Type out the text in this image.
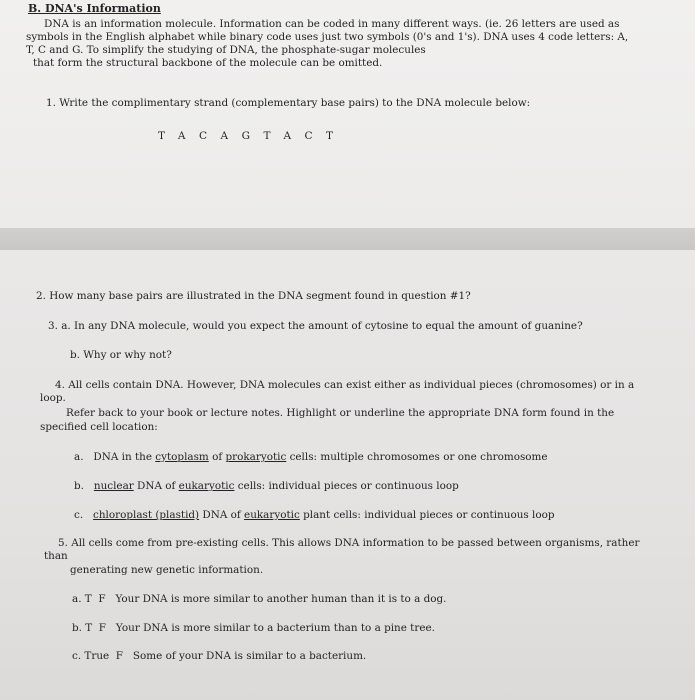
B. DNA's Information
DNA is an information molecule. Information can be coded in many different ways. (ie. 26 letters are used as
symbols in the English alphabet while binary code uses just two symbols (0's and 1's). DNA uses 4 code letters: A,
T, C and G. To simplify the studying of DNA, the phosphate-sugar molecules
that form the structural backbone of the molecule can be omitted.
1. Write the complimentary strand (complementary base pairs) to the DNA molecule below:
TACAGTACT
2. How many base pairs are illustrated in the DNA segment found in question #1?
3. a. In any DNA molecule, would you expect the amount of cytosine to equal the amount of guanine?
b. Why or why not?
4. All cells contain DNA. However, DNA molecules can exist either as individual pieces (chromosomes) or in a
loop.
Refer back to your book or lecture notes. Highlight or underline the appropriate DNA form found in the
specified cell location:
a. DNA in the cytoplasm of prokaryotic cells: multiple chromosomes or one chromosome
b. nuclear DNA of eukaryotic cells: individual pieces or continuous loop
c. chloroplast (plastid) DNA of eukaryotic plant cells: individual pieces or continuous loop
5. All cells come from pre-existing cells. This allows DNA information to be passed between organisms, rather
than
generating new genetic information.
a. T  F   Your DNA is more similar to another human than it is to a dog.
b. T  F   Your DNA is more similar to a bacterium than to a pine tree.
c. True  F   Some of your DNA is similar to a bacterium.
